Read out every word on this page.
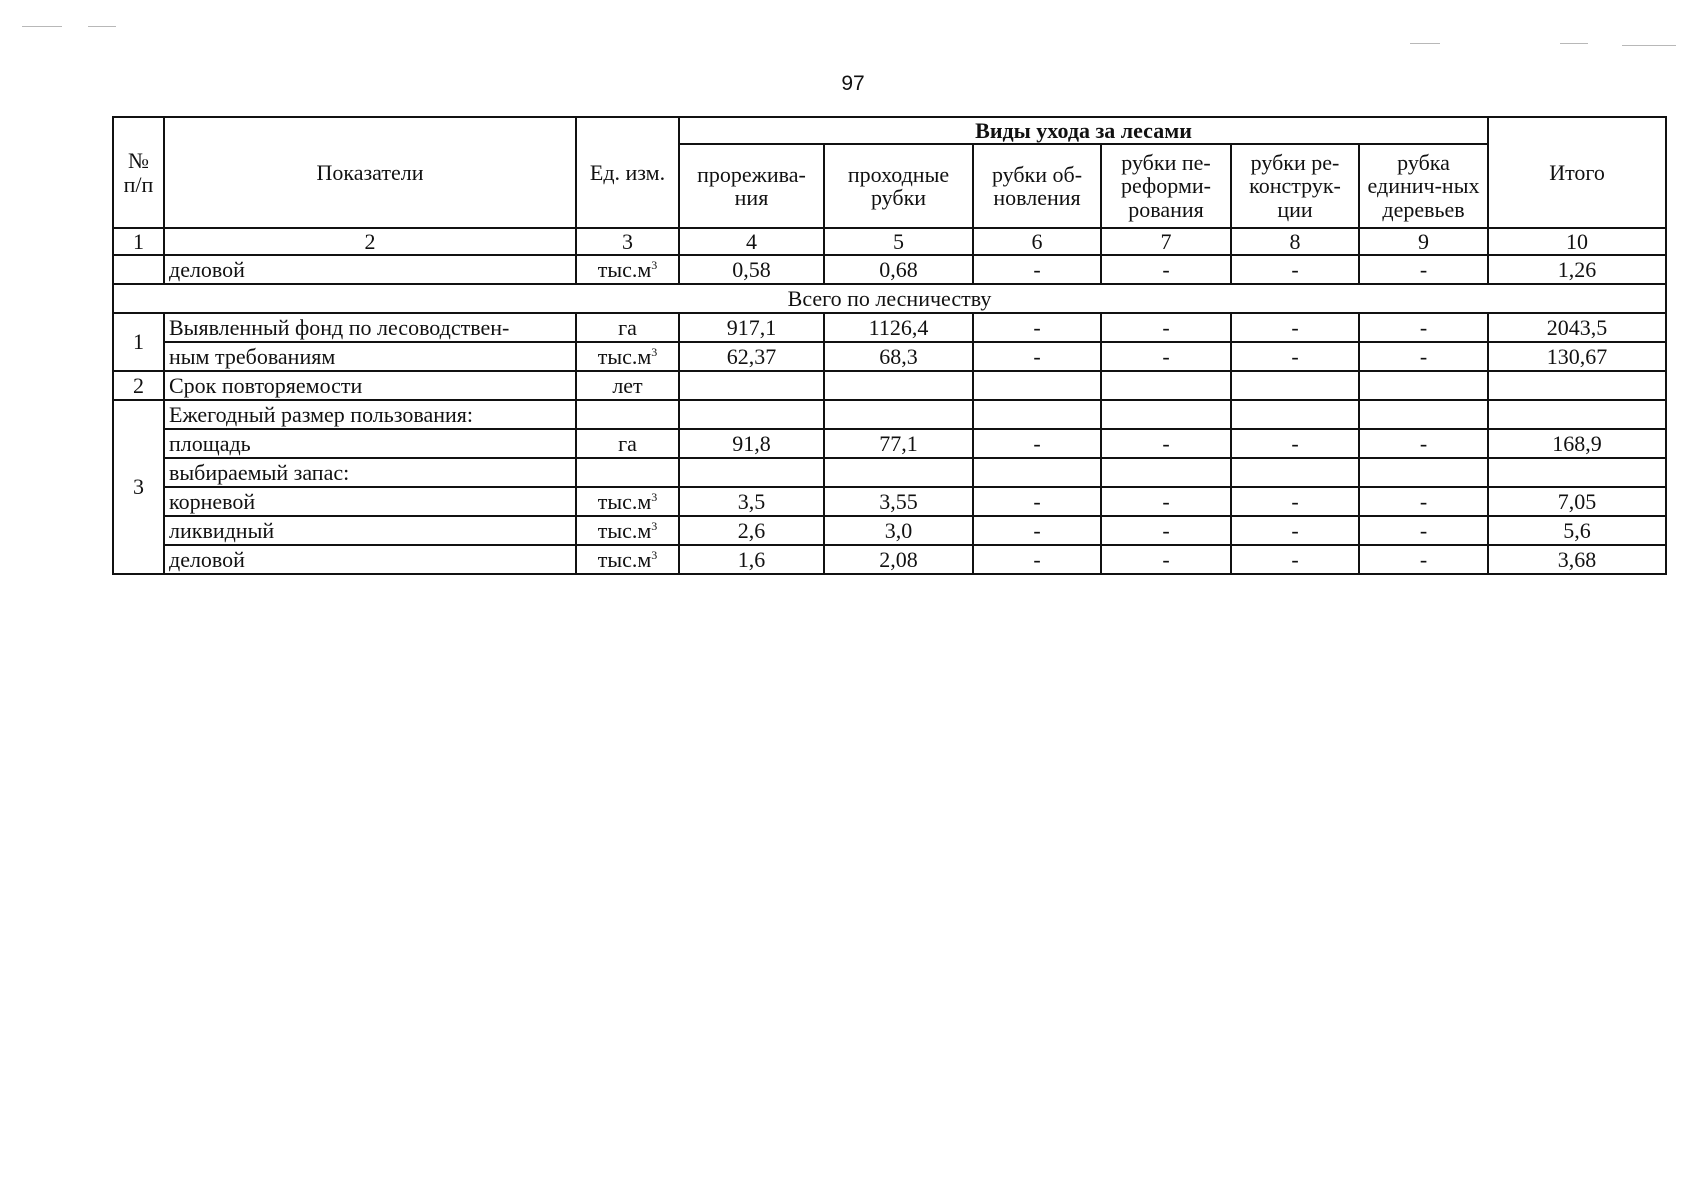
97
№ п/п	Показатели	Ед. изм.	Виды ухода за лесами						Итого
			прорежива-ния	проходные рубки	рубки об-новления	рубки пе-реформи-рования	рубки ре-конструк-ции	рубка единич-ных деревьев	
1	2	3	4	5	6	7	8	9	10
	деловой	$тыс.м^3$	0,58	0,68	-	-	-	-	1,26
Всего по лесничеству									
1	Выявленный фонд по лесоводствен-	га	917,1	1126,4	-	-	-	-	2043,5
	ным требованиям	$тыс.м^3$	62,37	68,3	-	-	-	-	130,67
2	Срок повторяемости	лет							
3	Ежегодный размер пользования:								
	площадь	га	91,8	77,1	-	-	-	-	168,9
	выбираемый запас:								
	корневой	$тыс.м^3$	3,5	3,55	-	-	-	-	7,05
	ликвидный	$тыс.м^3$	2,6	3,0	-	-	-	-	5,6
	деловой	$тыс.м^3$	1,6	2,08	-	-	-	-	3,68
